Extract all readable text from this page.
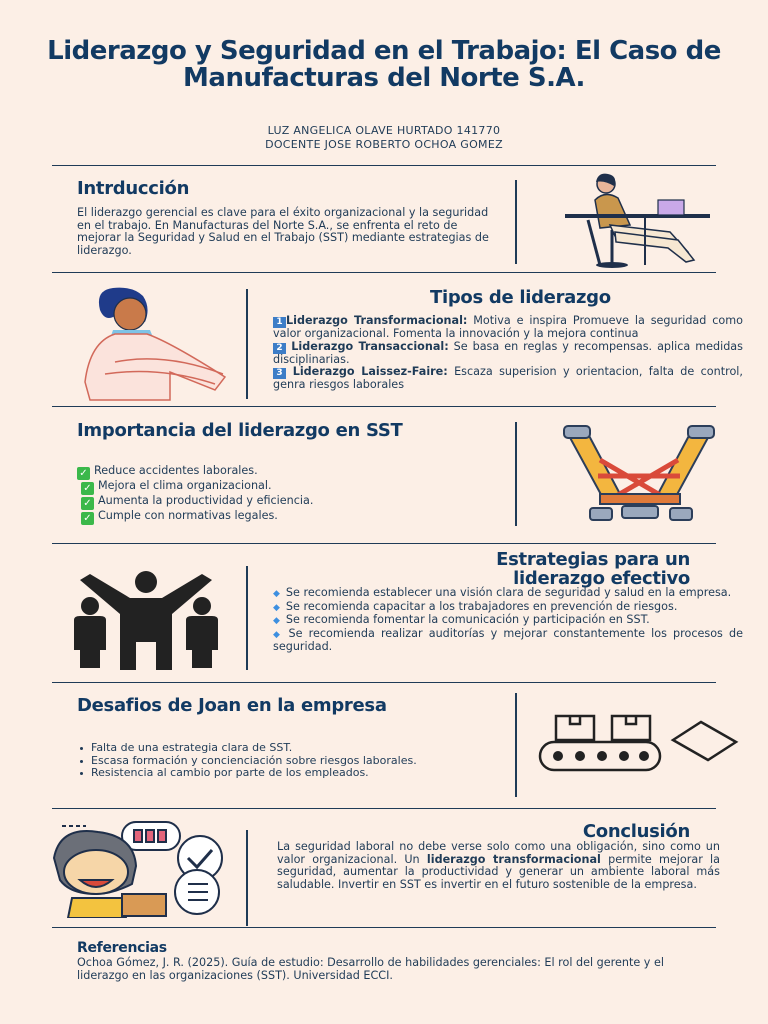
Liderazgo y Seguridad en el Trabajo: El Caso de Manufacturas del Norte S.A.
LUZ ANGELICA OLAVE HURTADO 141770
DOCENTE JOSE ROBERTO OCHOA GOMEZ
Intrducción
El liderazgo gerencial es clave para el éxito organizacional y la seguridad en el trabajo. En Manufacturas del Norte S.A., se enfrenta el reto de mejorar la Seguridad y Salud en el Trabajo (SST) mediante estrategias de liderazgo.
Tipos de liderazgo
1 Liderazgo Transformacional: Motiva e inspira Promueve la seguridad como valor organizacional. Fomenta la innovación y la mejora continua
2 Liderazgo Transaccional: Se basa en reglas y recompensas. aplica medidas disciplinarias.
3 Liderazgo Laissez-Faire: Escaza superision y orientacion, falta de control, genra riesgos laborales
Importancia del liderazgo en SST
✓ Reduce accidentes laborales.
✓ Mejora el clima organizacional.
✓ Aumenta la productividad y eficiencia.
✓ Cumple con normativas legales.
Estrategias para un liderazgo efectivo
◆ Se recomienda establecer una visión clara de seguridad y salud en la empresa.
◆ Se recomienda capacitar a los trabajadores en prevención de riesgos.
◆ Se recomienda fomentar la comunicación y participación en SST.
◆ Se recomienda realizar auditorías y mejorar constantemente los procesos de seguridad.
Desafios de Joan en la empresa
Falta de una estrategia clara de SST.
Escasa formación y concienciación sobre riesgos laborales.
Resistencia al cambio por parte de los empleados.
Conclusión
La seguridad laboral no debe verse solo como una obligación, sino como un valor organizacional. Un liderazgo transformacional permite mejorar la seguridad, aumentar la productividad y generar un ambiente laboral más saludable. Invertir en SST es invertir en el futuro sostenible de la empresa.
Referencias
Ochoa Gómez, J. R. (2025). Guía de estudio: Desarrollo de habilidades gerenciales: El rol del gerente y el liderazgo en las organizaciones (SST). Universidad ECCI.
